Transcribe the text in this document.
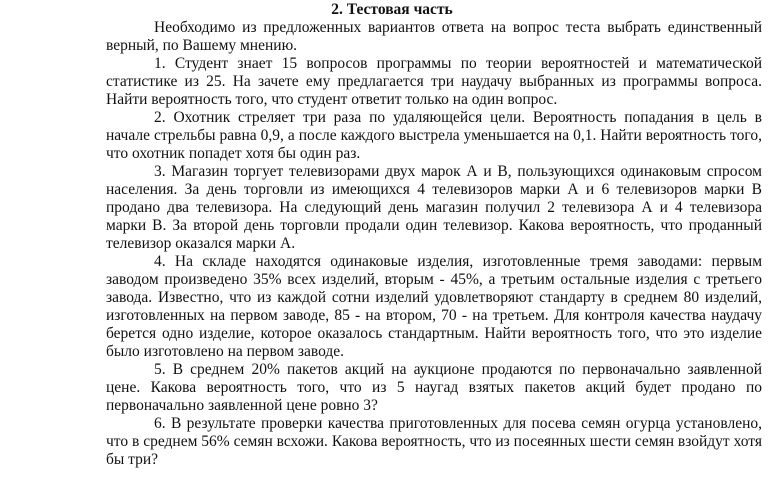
2. Тестовая часть

Необходимо из предложенных вариантов ответа на вопрос теста выбрать единственный верный, по Вашему мнению.

1. Студент знает 15 вопросов программы по теории вероятностей и математической статистике из 25. На зачете ему предлагается три наудачу выбранных из программы вопроса. Найти вероятность того, что студент ответит только на один вопрос.

2. Охотник стреляет три раза по удаляющейся цели. Вероятность попадания в цель в начале стрельбы равна 0,9, а после каждого выстрела уменьшается на 0,1. Найти вероятность того, что охотник попадет хотя бы один раз.

3. Магазин торгует телевизорами двух марок А и В, пользующихся одинаковым спросом населения. За день торговли из имеющихся 4 телевизоров марки А и 6 телевизоров марки В продано два телевизора. На следующий день магазин получил 2 телевизора А и 4 телевизора марки В. За второй день торговли продали один телевизор. Какова вероятность, что проданный телевизор оказался марки А.

4. На складе находятся одинаковые изделия, изготовленные тремя заводами: первым заводом произведено 35% всех изделий, вторым - 45%, а третьим остальные изделия с третьего завода. Известно, что из каждой сотни изделий удовлетворяют стандарту в среднем 80 изделий, изготовленных на первом заводе, 85 - на втором, 70 - на третьем. Для контроля качества наудачу берется одно изделие, которое оказалось стандартным. Найти вероятность того, что это изделие было изготовлено на первом заводе.

5. В среднем 20% пакетов акций на аукционе продаются по первоначально заявленной цене. Какова вероятность того, что из 5 наугад взятых пакетов акций будет продано по первоначально заявленной цене ровно 3?

6. В результате проверки качества приготовленных для посева семян огурца установлено, что в среднем 56% семян всхожи. Какова вероятность, что из посеянных шести семян взойдут хотя бы три?
